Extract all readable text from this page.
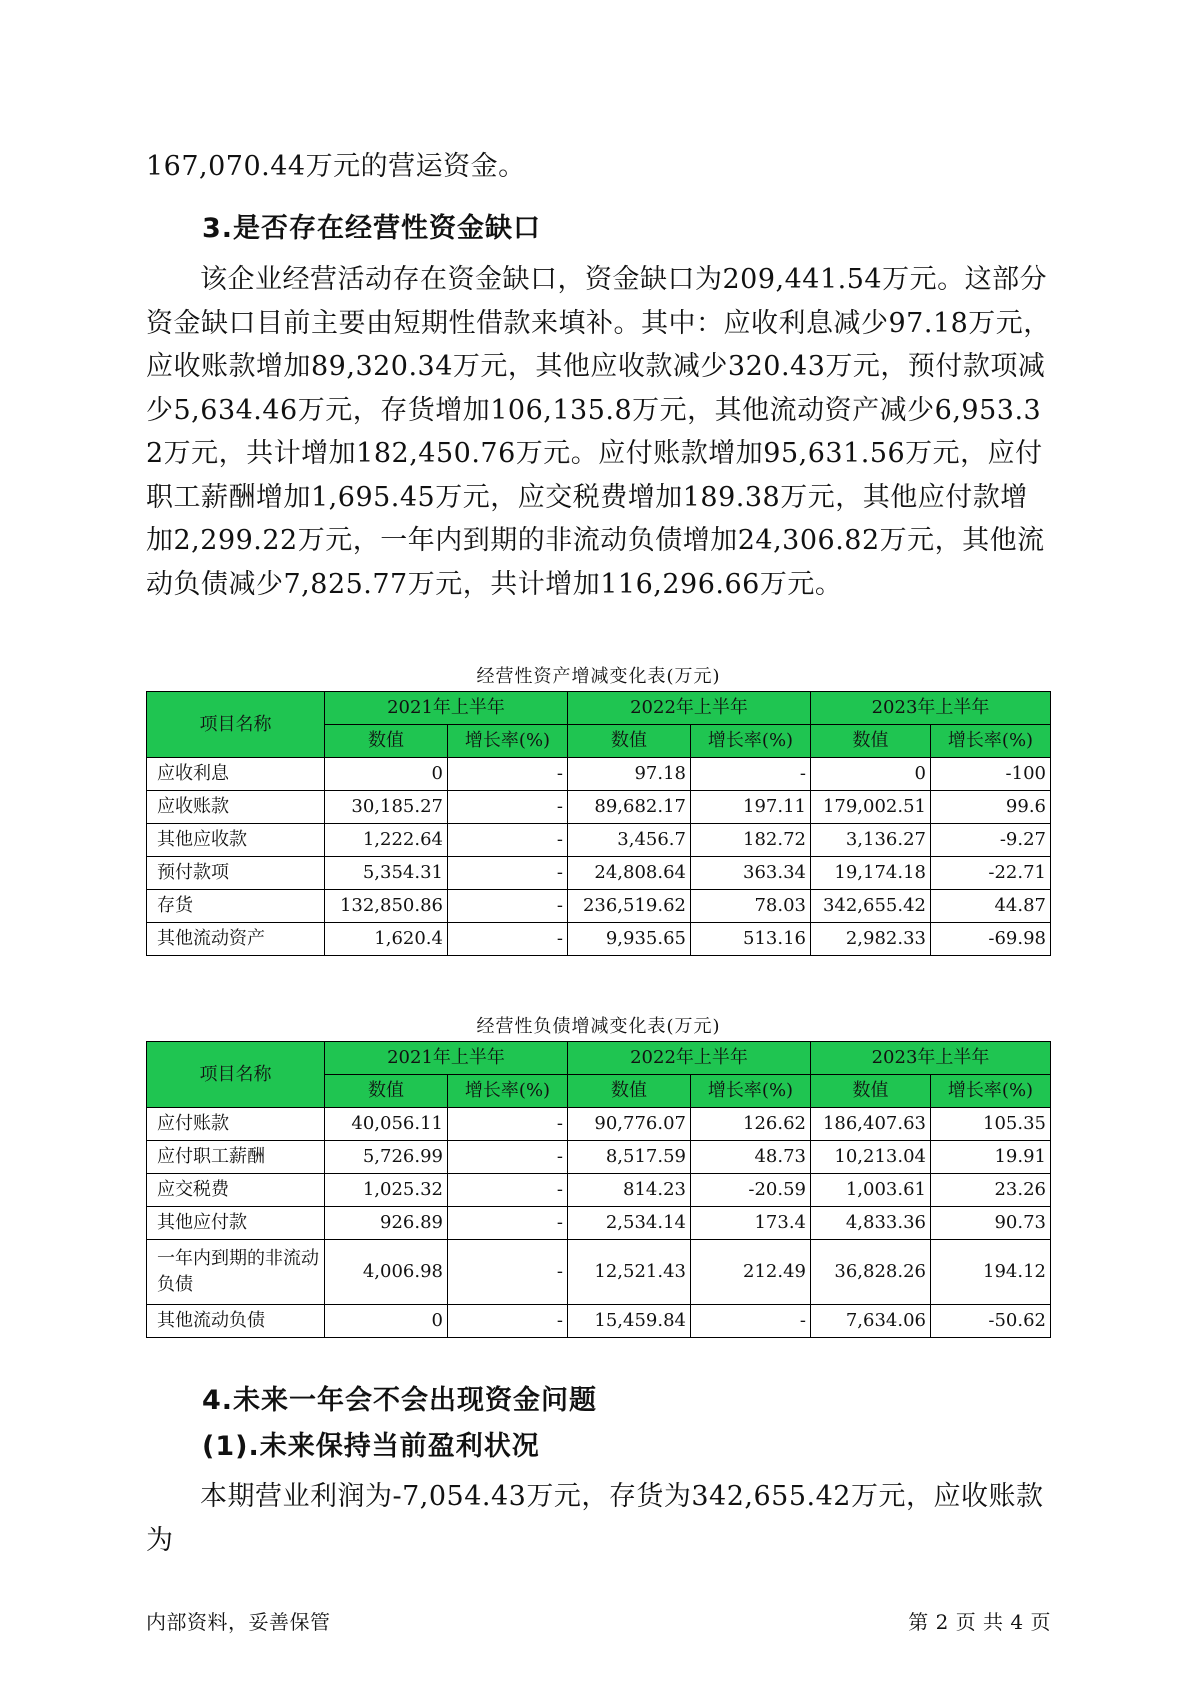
167,070.44万元的营运资金。

3.是否存在经营性资金缺口

该企业经营活动存在资金缺口，资金缺口为209,441.54万元。这部分资金缺口目前主要由短期性借款来填补。其中：应收利息减少97.18万元，应收账款增加89,320.34万元，其他应收款减少320.43万元，预付款项减少5,634.46万元，存货增加106,135.8万元，其他流动资产减少6,953.32万元，共计增加182,450.76万元。应付账款增加95,631.56万元，应付职工薪酬增加1,695.45万元，应交税费增加189.38万元，其他应付款增加2,299.22万元，一年内到期的非流动负债增加24,306.82万元，其他流动负债减少7,825.77万元，共计增加116,296.66万元。

经营性资产增减变化表(万元)
项目名称	2021年上半年		2022年上半年		2023年上半年	
	数值	增长率(%)	数值	增长率(%)	数值	增长率(%)
应收利息	0	-	97.18	-	0	-100
应收账款	30,185.27	-	89,682.17	197.11	179,002.51	99.6
其他应收款	1,222.64	-	3,456.7	182.72	3,136.27	-9.27
预付款项	5,354.31	-	24,808.64	363.34	19,174.18	-22.71
存货	132,850.86	-	236,519.62	78.03	342,655.42	44.87
其他流动资产	1,620.4	-	9,935.65	513.16	2,982.33	-69.98
经营性负债增减变化表(万元)
项目名称	2021年上半年		2022年上半年		2023年上半年	
	数值	增长率(%)	数值	增长率(%)	数值	增长率(%)
应付账款	40,056.11	-	90,776.07	126.62	186,407.63	105.35
应付职工薪酬	5,726.99	-	8,517.59	48.73	10,213.04	19.91
应交税费	1,025.32	-	814.23	-20.59	1,003.61	23.26
其他应付款	926.89	-	2,534.14	173.4	4,833.36	90.73
一年内到期的非流动负债	4,006.98	-	12,521.43	212.49	36,828.26	194.12
其他流动负债	0	-	15,459.84	-	7,634.06	-50.62
4.未来一年会不会出现资金问题
(1).未来保持当前盈利状况

本期营业利润为-7,054.43万元，存货为342,655.42万元，应收账款为

内部资料，妥善保管	第 2 页 共 4 页
